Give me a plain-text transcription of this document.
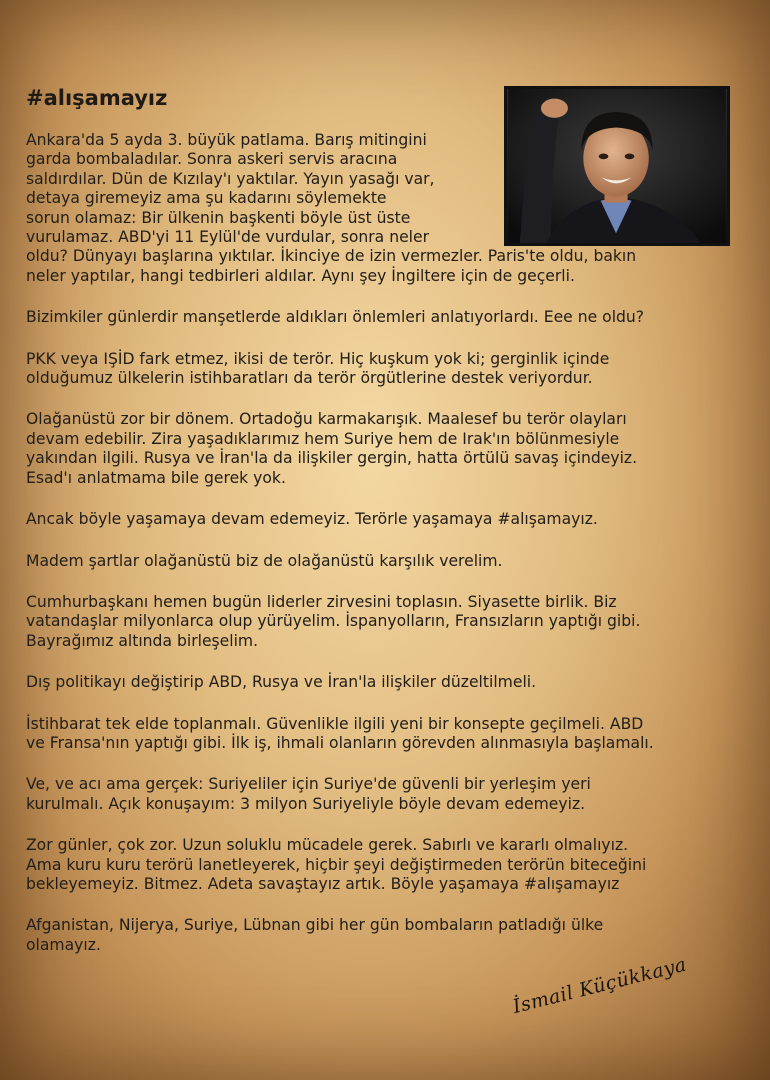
#alışamayız

Ankara'da 5 ayda 3. büyük patlama. Barış mitingini
garda bombaladılar. Sonra askeri servis aracına
saldırdılar. Dün de Kızılay'ı yaktılar. Yayın yasağı var,
detaya giremeyiz ama şu kadarını söylemekte
sorun olamaz: Bir ülkenin başkenti böyle üst üste
vurulamaz. ABD'yi 11 Eylül'de vurdular, sonra neler
oldu? Dünyayı başlarına yıktılar. İkinciye de izin vermezler. Paris'te oldu, bakın
neler yaptılar, hangi tedbirleri aldılar. Aynı şey İngiltere için de geçerli.

Bizimkiler günlerdir manşetlerde aldıkları önlemleri anlatıyorlardı. Eee ne oldu?

PKK veya IŞİD fark etmez, ikisi de terör. Hiç kuşkum yok ki; gerginlik içinde
olduğumuz ülkelerin istihbaratları da terör örgütlerine destek veriyordur.

Olağanüstü zor bir dönem. Ortadoğu karmakarışık. Maalesef bu terör olayları
devam edebilir. Zira yaşadıklarımız hem Suriye hem de Irak'ın bölünmesiyle
yakından ilgili. Rusya ve İran'la da ilişkiler gergin, hatta örtülü savaş içindeyiz.
Esad'ı anlatmama bile gerek yok.

Ancak böyle yaşamaya devam edemeyiz. Terörle yaşamaya #alışamayız.

Madem şartlar olağanüstü biz de olağanüstü karşılık verelim.

Cumhurbaşkanı hemen bugün liderler zirvesini toplasın. Siyasette birlik. Biz
vatandaşlar milyonlarca olup yürüyelim. İspanyolların, Fransızların yaptığı gibi.
Bayrağımız altında birleşelim.

Dış politikayı değiştirip ABD, Rusya ve İran'la ilişkiler düzeltilmeli.

İstihbarat tek elde toplanmalı. Güvenlikle ilgili yeni bir konsepte geçilmeli. ABD
ve Fransa'nın yaptığı gibi. İlk iş, ihmali olanların görevden alınmasıyla başlamalı.

Ve, ve acı ama gerçek: Suriyeliler için Suriye'de güvenli bir yerleşim yeri
kurulmalı. Açık konuşayım: 3 milyon Suriyeliyle böyle devam edemeyiz.

Zor günler, çok zor. Uzun soluklu mücadele gerek. Sabırlı ve kararlı olmalıyız.
Ama kuru kuru terörü lanetleyerek, hiçbir şeyi değiştirmeden terörün biteceğini
bekleyemeyiz. Bitmez. Adeta savaştayız artık. Böyle yaşamaya #alışamayız

Afganistan, Nijerya, Suriye, Lübnan gibi her gün bombaların patladığı ülke
olamayız.

İsmail Küçükkaya
